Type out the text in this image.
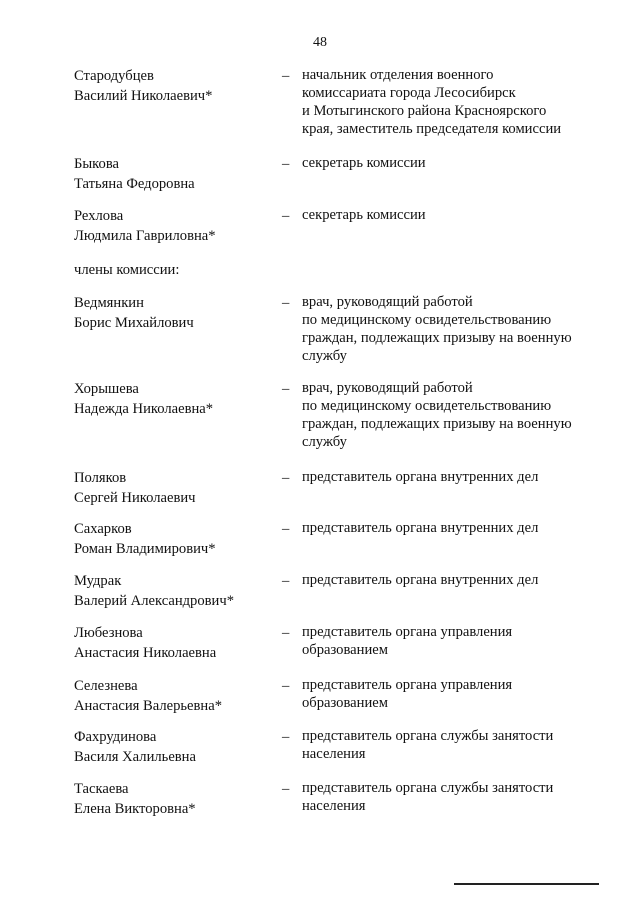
48
Стародубцев
Василий Николаевич*
– начальник отделения военного
комиссариата города Лесосибирск
и Мотыгинского района Красноярского
края, заместитель председателя комиссии
Быкова
Татьяна Федоровна
– секретарь комиссии
Рехлова
Людмила Гавриловна*
– секретарь комиссии
члены комиссии:
Ведмянкин
Борис Михайлович
– врач, руководящий работой
по медицинскому освидетельствованию
граждан, подлежащих призыву на военную
службу
Хорышева
Надежда Николаевна*
– врач, руководящий работой
по медицинскому освидетельствованию
граждан, подлежащих призыву на военную
службу
Поляков
Сергей Николаевич
– представитель органа внутренних дел
Сахарков
Роман Владимирович*
– представитель органа внутренних дел
Мудрак
Валерий Александрович*
– представитель органа внутренних дел
Любезнова
Анастасия Николаевна
– представитель органа управления
образованием
Селезнева
Анастасия Валерьевна*
– представитель органа управления
образованием
Фахрудинова
Василя Халильевна
– представитель органа службы занятости
населения
Таскаева
Елена Викторовна*
– представитель органа службы занятости
населения
